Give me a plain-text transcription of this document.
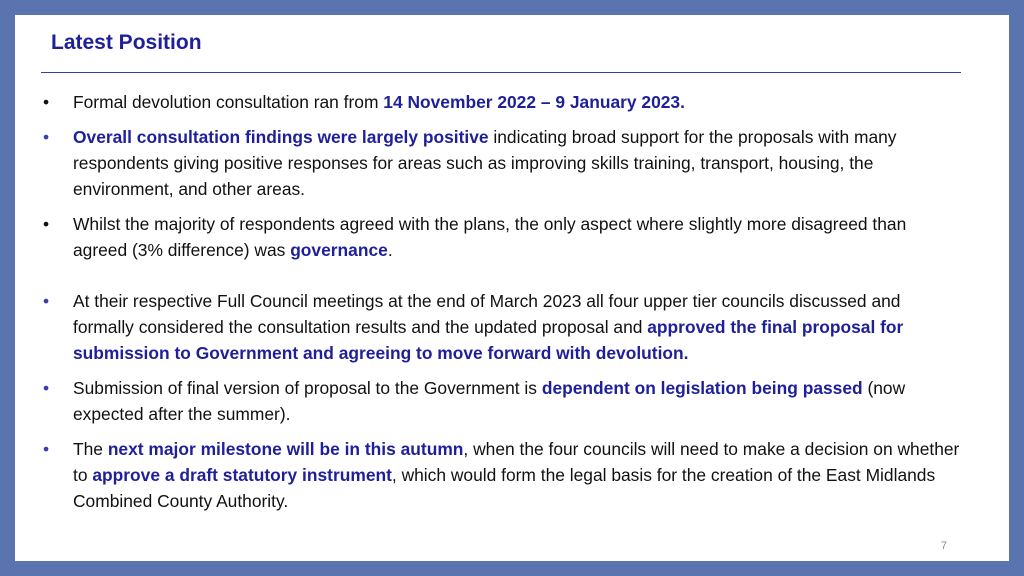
Latest Position
• Formal devolution consultation ran from 14 November 2022 – 9 January 2023.
• Overall consultation findings were largely positive indicating broad support for the proposals with many respondents giving positive responses for areas such as improving skills training, transport, housing, the environment, and other areas.
• Whilst the majority of respondents agreed with the plans, the only aspect where slightly more disagreed than agreed (3% difference) was governance.
• At their respective Full Council meetings at the end of March 2023 all four upper tier councils discussed and formally considered the consultation results and the updated proposal and approved the final proposal for submission to Government and agreeing to move forward with devolution.
• Submission of final version of proposal to the Government is dependent on legislation being passed (now expected after the summer).
• The next major milestone will be in this autumn, when the four councils will need to make a decision on whether to approve a draft statutory instrument, which would form the legal basis for the creation of the East Midlands Combined County Authority.
7
